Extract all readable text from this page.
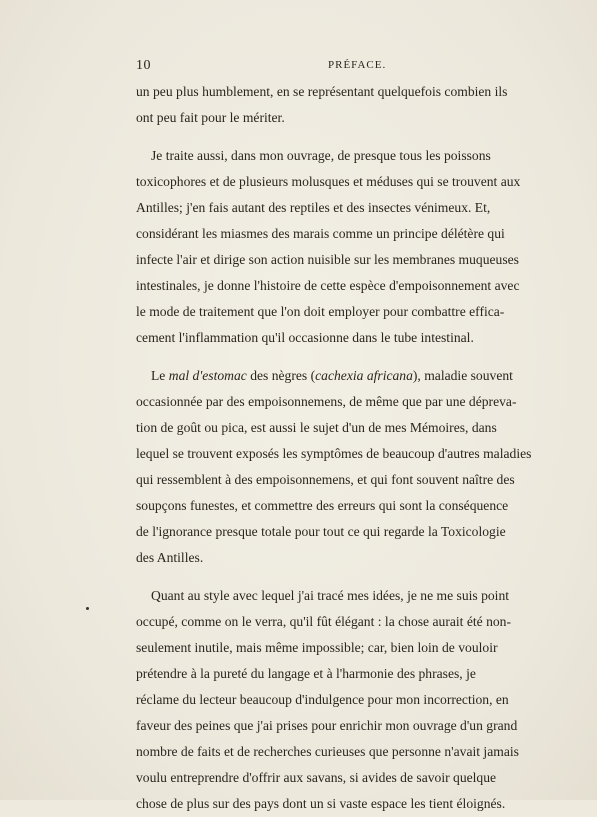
10	PRÉFACE.
un peu plus humblement, en se représentant quelquefois combien ils
ont peu fait pour le mériter.
Je traite aussi, dans mon ouvrage, de presque tous les poissons
toxicophores et de plusieurs molusques et méduses qui se trouvent aux
Antilles; j'en fais autant des reptiles et des insectes vénimeux. Et,
considérant les miasmes des marais comme un principe délétère qui
infecte l'air et dirige son action nuisible sur les membranes muqueuses
intestinales, je donne l'histoire de cette espèce d'empoisonnement avec
le mode de traitement que l'on doit employer pour combattre effica-
cement l'inflammation qu'il occasionne dans le tube intestinal.
Le mal d'estomac des nègres (cachexia africana), maladie souvent
occasionnée par des empoisonnemens, de même que par une dépreva-
tion de goût ou pica, est aussi le sujet d'un de mes Mémoires, dans
lequel se trouvent exposés les symptômes de beaucoup d'autres maladies
qui ressemblent à des empoisonnemens, et qui font souvent naître des
soupçons funestes, et commettre des erreurs qui sont la conséquence
de l'ignorance presque totale pour tout ce qui regarde la Toxicologie
des Antilles.
Quant au style avec lequel j'ai tracé mes idées, je ne me suis point
occupé, comme on le verra, qu'il fût élégant : la chose aurait été non-
seulement inutile, mais même impossible; car, bien loin de vouloir
prétendre à la pureté du langage et à l'harmonie des phrases, je
réclame du lecteur beaucoup d'indulgence pour mon incorrection, en
faveur des peines que j'ai prises pour enrichir mon ouvrage d'un grand
nombre de faits et de recherches curieuses que personne n'avait jamais
voulu entreprendre d'offrir aux savans, si avides de savoir quelque
chose de plus sur des pays dont un si vaste espace les tient éloignés.
